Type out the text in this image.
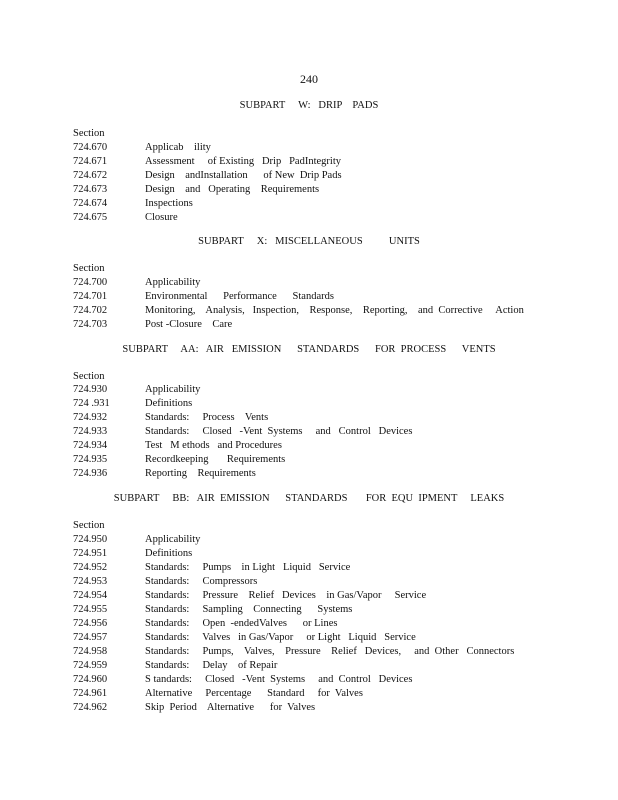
240
SUBPART     W:   DRIP    PADS
Section
724.670	Applicab    ility
724.671	Assessment     of Existing   Drip   PadIntegrity
724.672	Design    andInstallation      of New  Drip Pads
724.673	Design    and   Operating    Requirements
724.674	Inspections
724.675	Closure
SUBPART     X:   MISCELLANEOUS          UNITS
Section
724.700	Applicability
724.701	Environmental      Performance      Standards
724.702	Monitoring,    Analysis,   Inspection,    Response,    Reporting,    and  Corrective     Action
724.703	Post -Closure    Care
SUBPART     AA:   AIR   EMISSION      STANDARDS      FOR  PROCESS      VENTS
Section
724.930	Applicability
724 .931	Definitions
724.932	Standards:     Process    Vents
724.933	Standards:     Closed   -Vent  Systems     and   Control   Devices
724.934	Test   M ethods   and Procedures
724.935	Recordkeeping       Requirements
724.936	Reporting    Requirements
SUBPART     BB:   AIR  EMISSION      STANDARDS       FOR  EQU  IPMENT     LEAKS
Section
724.950	Applicability
724.951	Definitions
724.952	Standards:     Pumps    in Light   Liquid   Service
724.953	Standards:     Compressors
724.954	Standards:     Pressure    Relief   Devices    in Gas/Vapor     Service
724.955	Standards:     Sampling    Connecting      Systems
724.956	Standards:     Open  -endedValves      or Lines
724.957	Standards:     Valves   in Gas/Vapor     or Light   Liquid   Service
724.958	Standards:     Pumps,    Valves,    Pressure    Relief   Devices,     and  Other   Connectors
724.959	Standards:     Delay    of Repair
724.960	S tandards:     Closed   -Vent  Systems     and  Control   Devices
724.961	Alternative     Percentage      Standard     for  Valves
724.962	Skip  Period    Alternative      for  Valves
